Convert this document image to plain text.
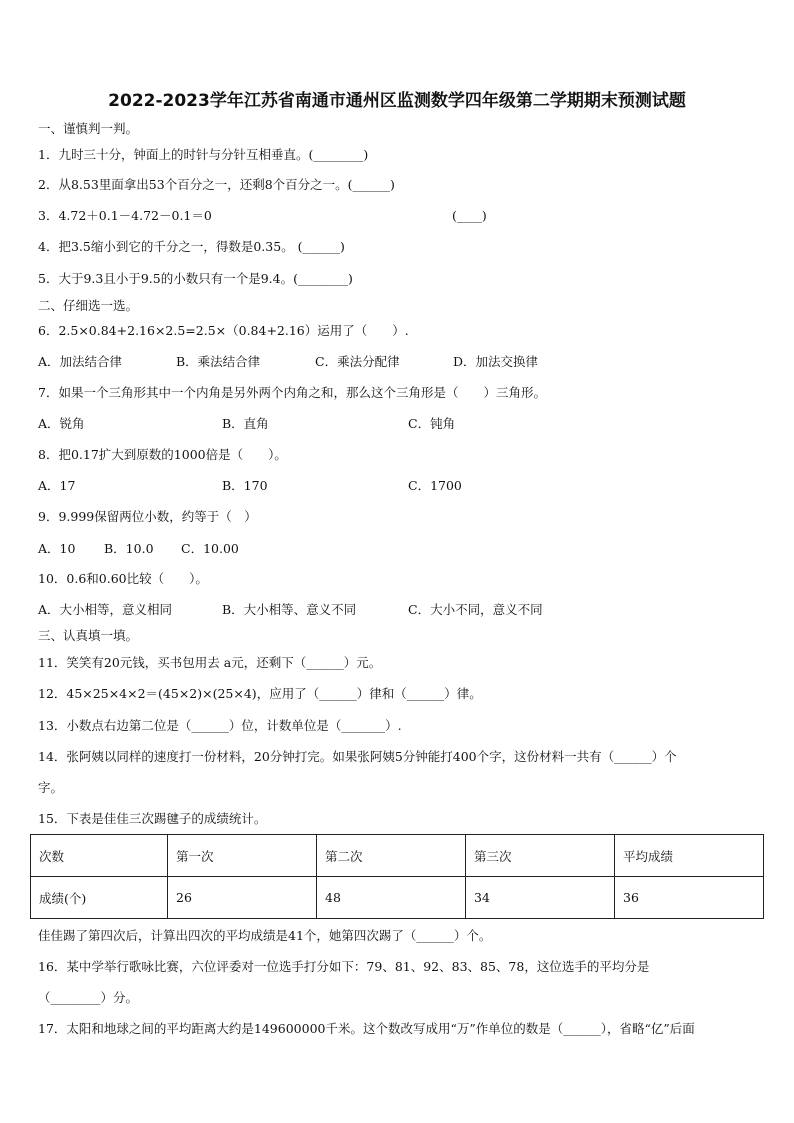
2022-2023学年江苏省南通市通州区监测数学四年级第二学期期末预测试题
一、谨慎判一判。
1．九时三十分，钟面上的时针与分针互相垂直。(________)
2．从8.53里面拿出53个百分之一，还剩8个百分之一。(______)
3．4.72＋0.1－4.72－0.1＝0	(____)
4．把3.5缩小到它的千分之一，得数是0.35。 (______)
5．大于9.3且小于9.5的小数只有一个是9.4。(________)
二、仔细选一选。
6．2.5×0.84+2.16×2.5=2.5×（0.84+2.16）运用了（　　）.
A．加法结合律	B．乘法结合律	C．乘法分配律	D．加法交换律
7．如果一个三角形其中一个内角是另外两个内角之和，那么这个三角形是（　　）三角形。
A．锐角	B．直角	C．钝角
8．把0.17扩大到原数的1000倍是（　　）。
A．17	B．170	C．1700
9．9.999保留两位小数，约等于（　）
A．10 B．10.0 C．10.00
10．0.6和0.60比较（　　）。
A．大小相等，意义相同	B．大小相等、意义不同	C．大小不同，意义不同
三、认真填一填。
11．笑笑有20元钱，买书包用去 a元，还剩下（______）元。
12．45×25×4×2＝(45×2)×(25×4)，应用了（______）律和（______）律。
13．小数点右边第二位是（______）位，计数单位是（_______）.
14．张阿姨以同样的速度打一份材料，20分钟打完。如果张阿姨5分钟能打400个字，这份材料一共有（______）个
字。
15．下表是佳佳三次踢毽子的成绩统计。
次数	第一次	第二次	第三次	平均成绩
成绩(个)	26	48	34	36
佳佳踢了第四次后，计算出四次的平均成绩是41个，她第四次踢了（______）个。
16．某中学举行歌咏比赛，六位评委对一位选手打分如下：79、81、92、83、85、78，这位选手的平均分是
（________）分。
17．太阳和地球之间的平均距离大约是149600000千米。这个数改写成用“万”作单位的数是（______），省略“亿”后面
